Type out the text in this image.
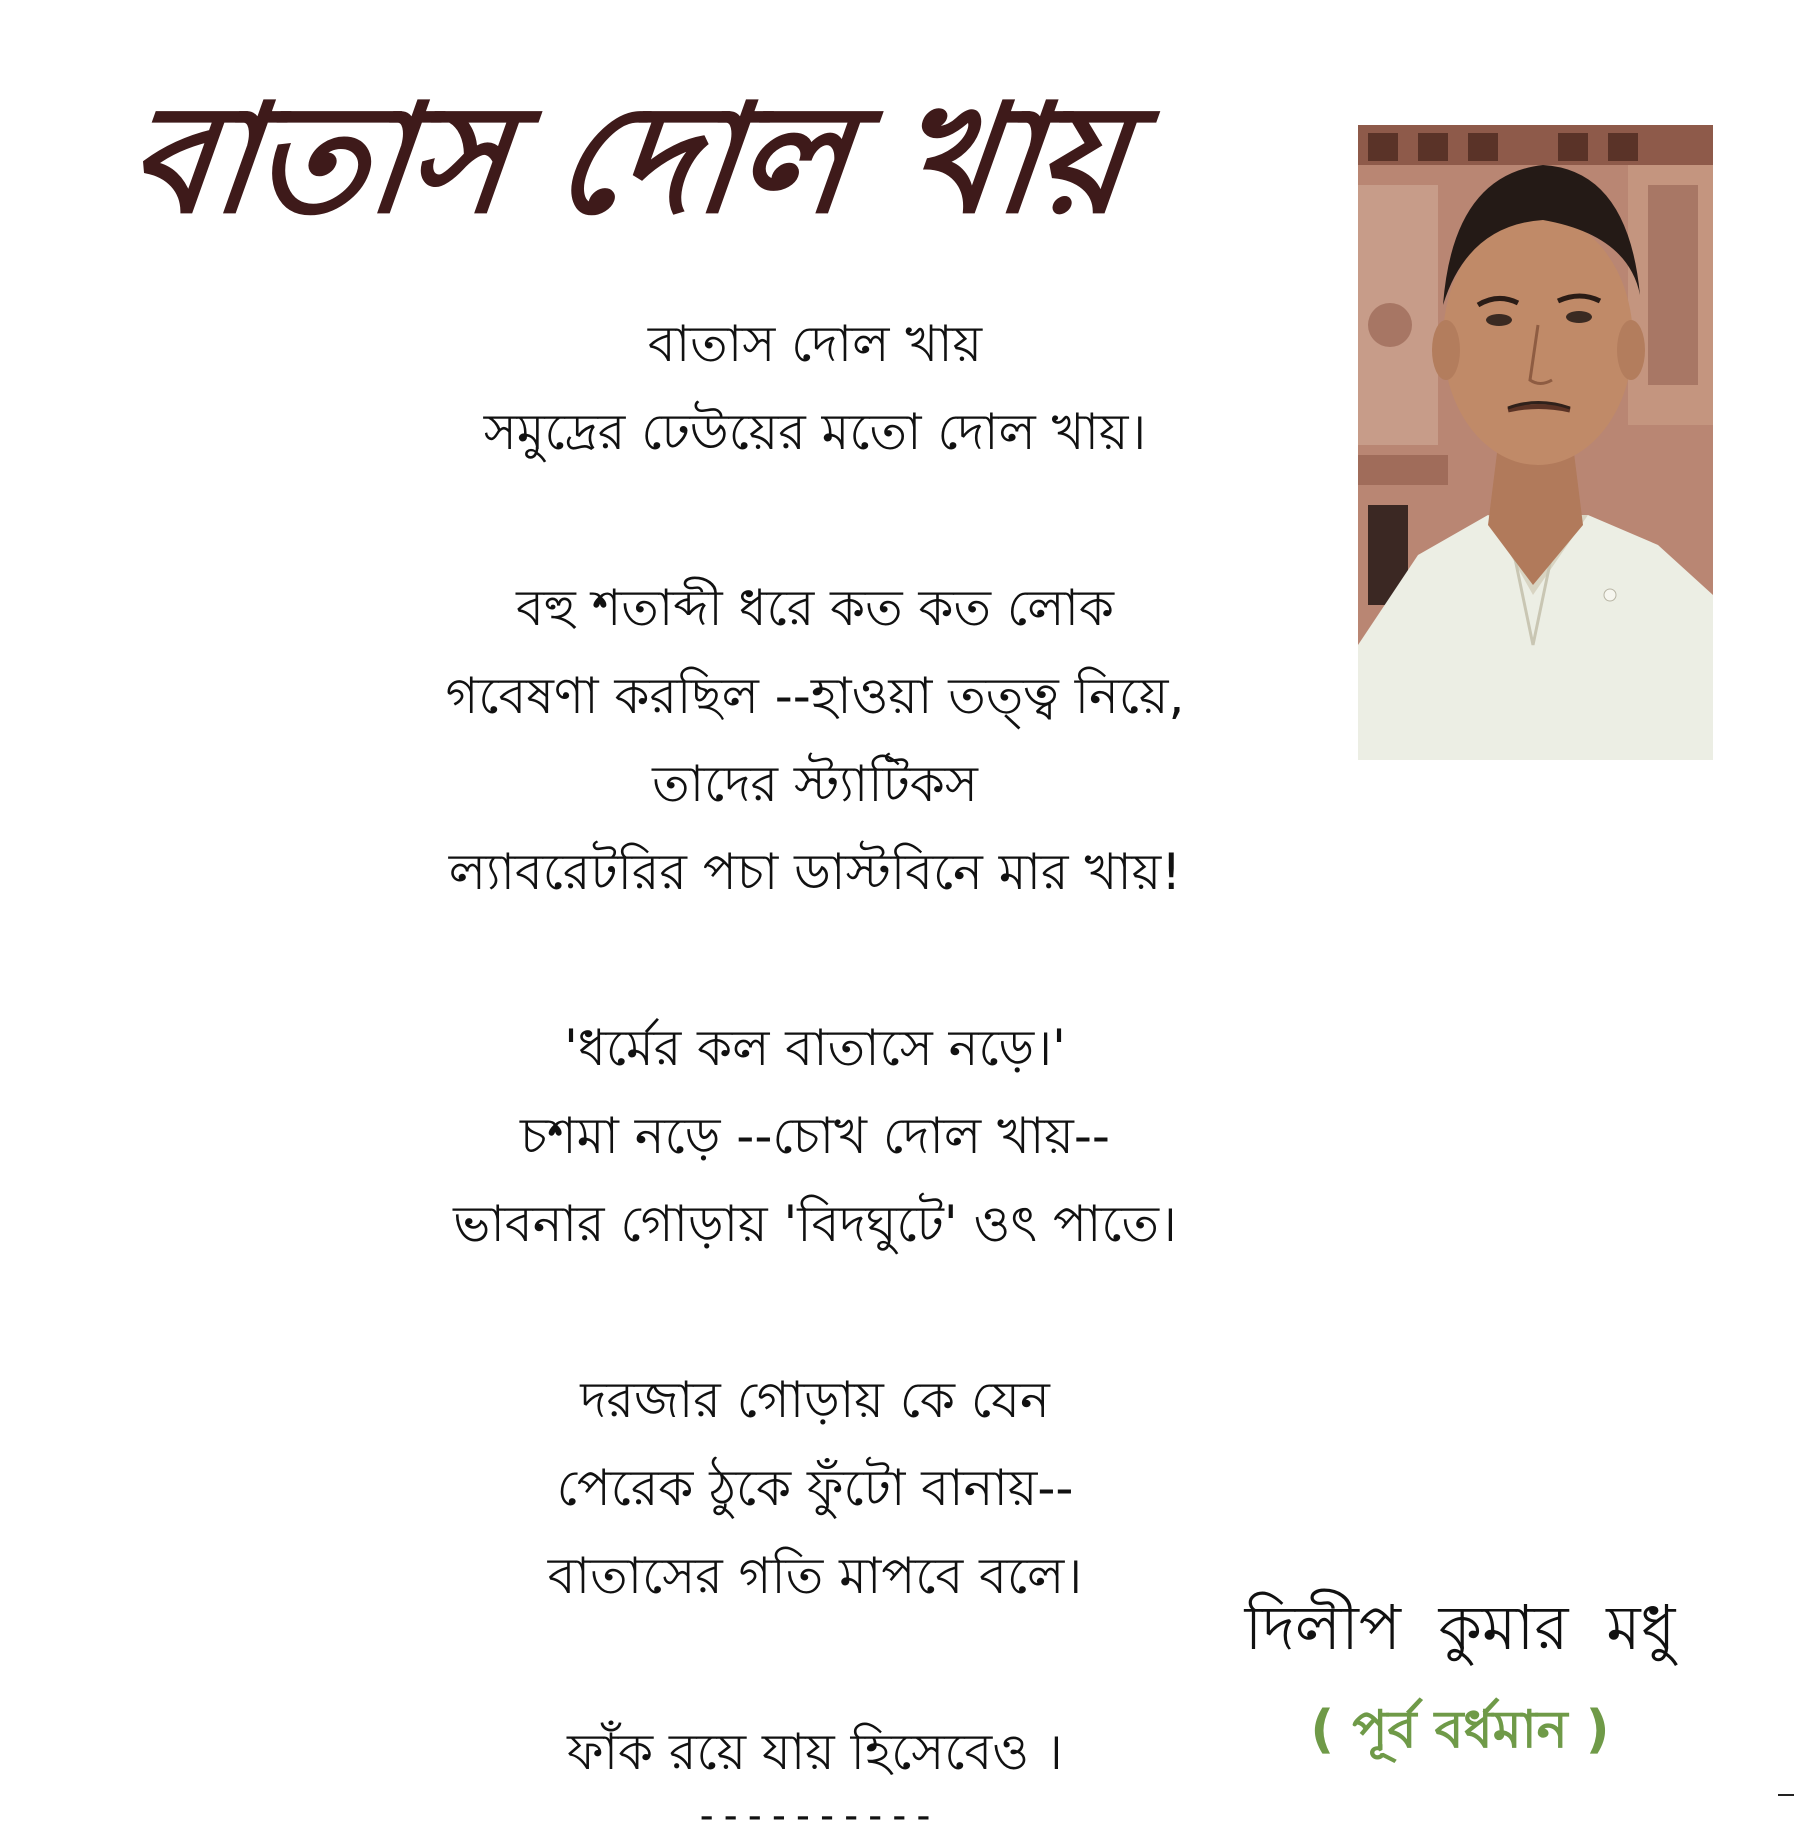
বাতাস দোল খায়
বাতাস দোল খায়
সমুদ্রের ঢেউয়ের মতো দোল খায়।
বহু শতাব্দী ধরে কত কত লোক
গবেষণা করছিল --হাওয়া তত্ত্ব নিয়ে,
তাদের স্ট্যাটিকস
ল্যাবরেটরির পচা ডাস্টবিনে মার খায়!
'ধর্মের কল বাতাসে নড়ে।'
চশমা নড়ে --চোখ দোল খায়--
ভাবনার গোড়ায় 'বিদঘুটে' ওৎ পাতে।
দরজার গোড়ায় কে যেন
পেরেক ঠুকে ফুঁটো বানায়--
বাতাসের গতি মাপবে বলে।
ফাঁক রয়ে যায় হিসেবেও ।
----------
দিলীপ কুমার মধু
( পূর্ব বর্ধমান )
